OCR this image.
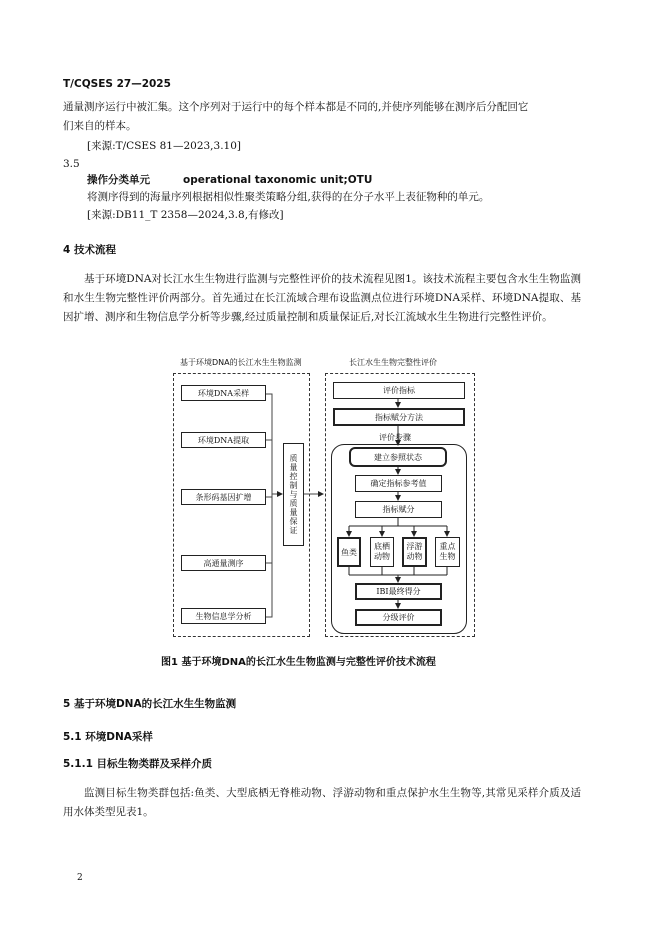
T/CQSES 27—2025
通量测序运行中被汇集。这个序列对于运行中的每个样本都是不同的,并使序列能够在测序后分配回它
们来自的样本。
[来源:T/CSES 81—2023,3.10]
3.5
操作分类单元	operational taxonomic unit;OTU
将测序得到的海量序列根据相似性聚类策略分组,获得的在分子水平上表征物种的单元。
[来源:DB11_T 2358—2024,3.8,有修改]
4 技术流程
基于环境DNA对长江水生生物进行监测与完整性评价的技术流程见图1。该技术流程主要包含水生生物监测和水生生物完整性评价两部分。首先通过在长江流域合理布设监测点位进行环境DNA采样、环境DNA提取、基因扩增、测序和生物信息学分析等步骤,经过质量控制和质量保证后,对长江流域水生生物进行完整性评价。
基于环境DNA的长江水生生物监测	长江水生生物完整性评价
环境DNA采样
环境DNA提取
条形码基因扩增
高通量测序
生物信息学分析
质量控制与质量保证
评价指标
指标赋分方法
评价步骤
建立参照状态
确定指标参考值
指标赋分
鱼类
底栖动物
浮游动物
重点生物
IBI最终得分
分级评价
图1 基于环境DNA的长江水生生物监测与完整性评价技术流程
5 基于环境DNA的长江水生生物监测
5.1 环境DNA采样
5.1.1 目标生物类群及采样介质
监测目标生物类群包括:鱼类、大型底栖无脊椎动物、浮游动物和重点保护水生生物等,其常见采样介质及适用水体类型见表1。
2
